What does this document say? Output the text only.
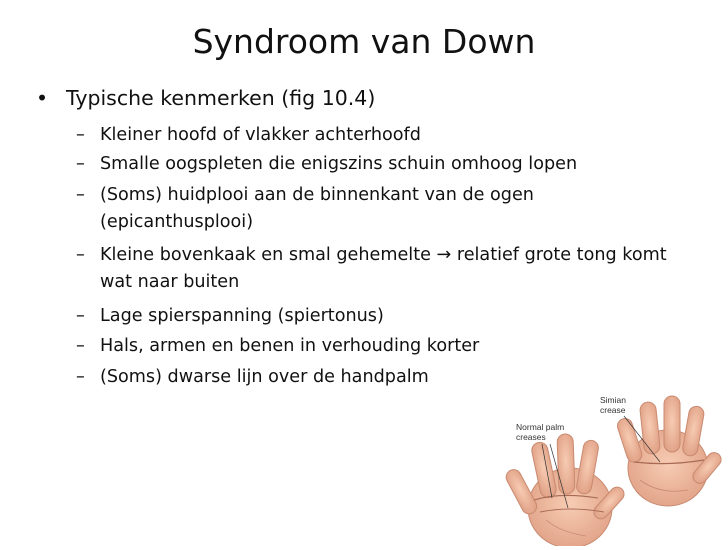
Syndroom van Down
• Typische kenmerken (fig 10.4)
– Kleiner hoofd of vlakker achterhoofd
– Smalle oogspleten die enigszins schuin omhoog lopen
– (Soms) huidplooi aan de binnenkant van de ogen (epicanthusplooi)
– Kleine bovenkaak en smal gehemelte → relatief grote tong komt wat naar buiten
– Lage spierspanning (spiertonus)
– Hals, armen en benen in verhouding korter
– (Soms) dwarse lijn over de handpalm
Normal palm
creases
Simian
crease
